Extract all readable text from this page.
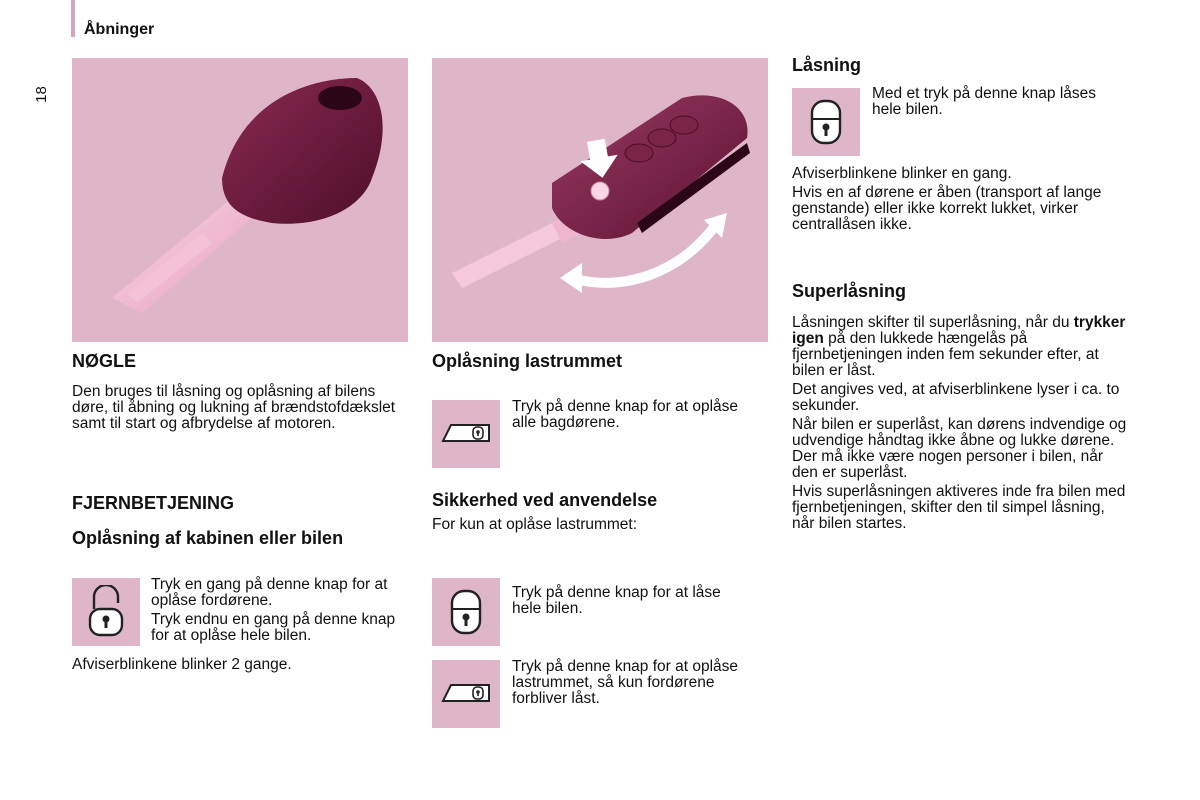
Åbninger
18
NØGLE

Den bruges til låsning og oplåsning af bilens døre, til åbning og lukning af brændstofdækslet samt til start og afbrydelse af motoren.

FJERNBETJENING
Oplåsning af kabinen eller bilen

Tryk en gang på denne knap for at oplåse fordørene.

Tryk endnu en gang på denne knap for at oplåse hele bilen.

Afviserblinkene blinker 2 gange.
Oplåsning lastrummet
Tryk på denne knap for at oplåse alle bagdørene.
Sikkerhed ved anvendelse
For kun at oplåse lastrummet:
Tryk på denne knap for at låse hele bilen.
Tryk på denne knap for at oplåse lastrummet, så kun fordørene forbliver låst.
Låsning
Med et tryk på denne knap låses hele bilen.

Afviserblinkene blinker en gang.

Hvis en af dørene er åben (transport af lange genstande) eller ikke korrekt lukket, virker centrallåsen ikke.

Superlåsning

Låsningen skifter til superlåsning, når du trykker igen på den lukkede hængelås på fjernbetjeningen inden fem sekunder efter, at bilen er låst.

Det angives ved, at afviserblinkene lyser i ca. to sekunder.

Når bilen er superlåst, kan dørens indvendige og udvendige håndtag ikke åbne og lukke dørene. Der må ikke være nogen personer i bilen, når den er superlåst.

Hvis superlåsningen aktiveres inde fra bilen med fjernbetjeningen, skifter den til simpel låsning, når bilen startes.
